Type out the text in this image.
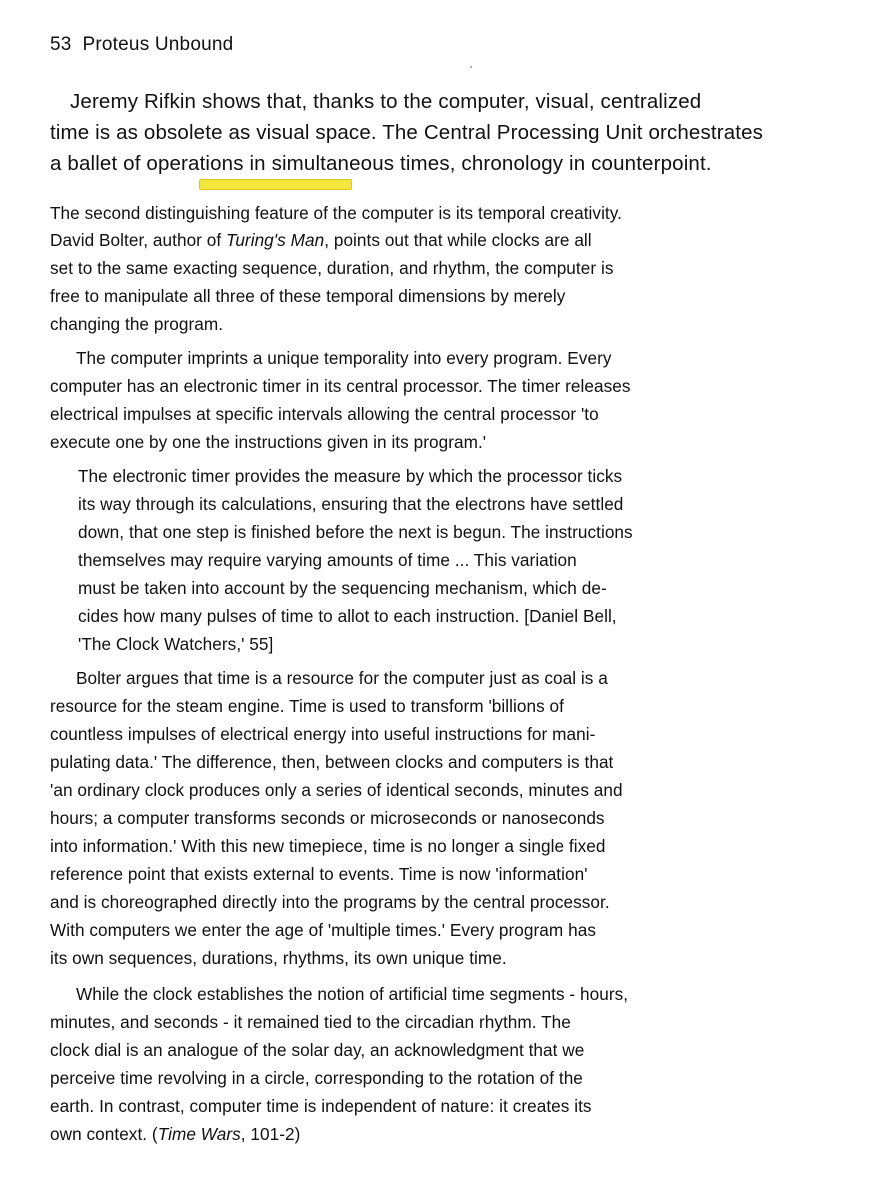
53 Proteus Unbound
Jeremy Rifkin shows that, thanks to the computer, visual, centralized
time is as obsolete as visual space. The Central Processing Unit orchestrates
a ballet of operations in simultaneous times, chronology in counterpoint.
The second distinguishing feature of the computer is its temporal creativity.
David Bolter, author of Turing's Man, points out that while clocks are all
set to the same exacting sequence, duration, and rhythm, the computer is
free to manipulate all three of these temporal dimensions by merely
changing the program.
The computer imprints a unique temporality into every program. Every
computer has an electronic timer in its central processor. The timer releases
electrical impulses at specific intervals allowing the central processor 'to
execute one by one the instructions given in its program.'
The electronic timer provides the measure by which the processor ticks
its way through its calculations, ensuring that the electrons have settled
down, that one step is finished before the next is begun. The instructions
themselves may require varying amounts of time ... This variation
must be taken into account by the sequencing mechanism, which de-
cides how many pulses of time to allot to each instruction. [Daniel Bell,
'The Clock Watchers,' 55]
Bolter argues that time is a resource for the computer just as coal is a
resource for the steam engine. Time is used to transform 'billions of
countless impulses of electrical energy into useful instructions for mani-
pulating data.' The difference, then, between clocks and computers is that
'an ordinary clock produces only a series of identical seconds, minutes and
hours; a computer transforms seconds or microseconds or nanoseconds
into information.' With this new timepiece, time is no longer a single fixed
reference point that exists external to events. Time is now 'information'
and is choreographed directly into the programs by the central processor.
With computers we enter the age of 'multiple times.' Every program has
its own sequences, durations, rhythms, its own unique time.
While the clock establishes the notion of artificial time segments - hours,
minutes, and seconds - it remained tied to the circadian rhythm. The
clock dial is an analogue of the solar day, an acknowledgment that we
perceive time revolving in a circle, corresponding to the rotation of the
earth. In contrast, computer time is independent of nature: it creates its
own context. (Time Wars, 101-2)
